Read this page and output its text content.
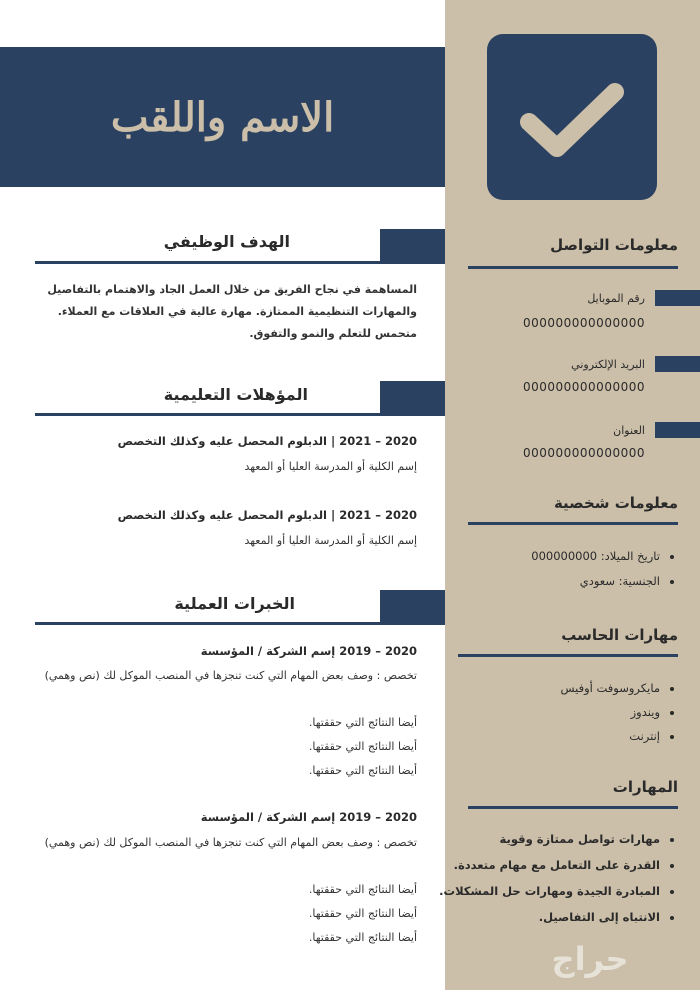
الاسم واللقب
معلومات التواصل
رقم الموبايل
000000000000000
البريد الإلكتروني
000000000000000
العنوان
000000000000000
معلومات شخصية
• تاريخ الميلاد: 000000000
• الجنسية: سعودي
مهارات الحاسب
• مايكروسوفت أوفيس
• ويندوز
• إنترنت
المهارات
• مهارات تواصل ممتازة وقوية
• القدرة على التعامل مع مهام متعددة.
• المبادرة الجيدة ومهارات حل المشكلات.
• الانتباه إلى التفاصيل.
الهدف الوظيفي
المساهمة في نجاح الفريق من خلال العمل الجاد والاهتمام بالتفاصيل والمهارات التنظيمية الممتازة. مهارة عالية في العلاقات مع العملاء. متحمس للتعلم والنمو والتفوق.
المؤهلات التعليمية
2020 – 2021 | الدبلوم المحصل عليه وكذلك التخصص
إسم الكلية أو المدرسة العليا أو المعهد
2020 – 2021 | الدبلوم المحصل عليه وكذلك التخصص
إسم الكلية أو المدرسة العليا أو المعهد
الخبرات العملية
2020 – 2019 إسم الشركة / المؤسسة
تخصص : وصف بعض المهام التي كنت تنجزها في المنصب الموكل لك (نص وهمي)
أيضا النتائج التي حققتها.
أيضا النتائج التي حققتها.
أيضا النتائج التي حققتها.
2020 – 2019 إسم الشركة / المؤسسة
تخصص : وصف بعض المهام التي كنت تنجزها في المنصب الموكل لك (نص وهمي)
أيضا النتائج التي حققتها.
أيضا النتائج التي حققتها.
أيضا النتائج التي حققتها.
حراج
